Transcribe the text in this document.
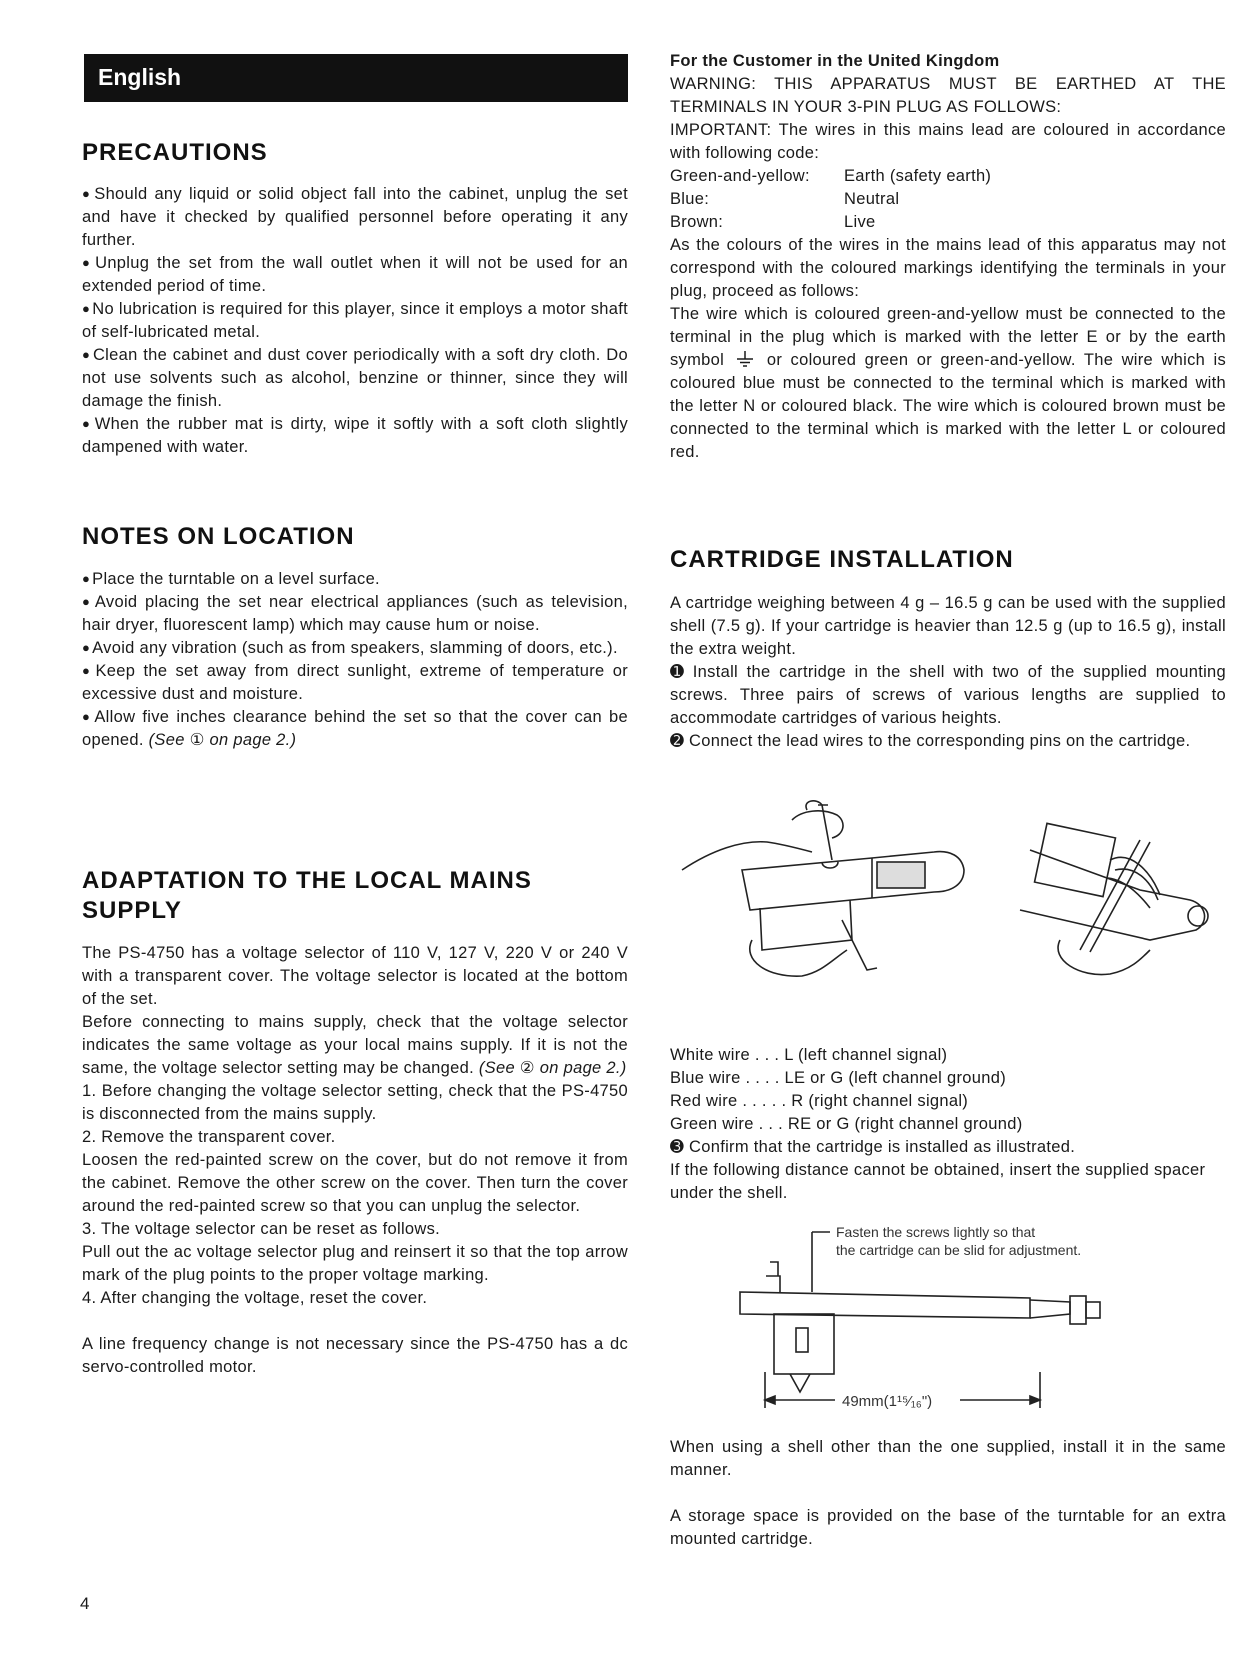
English
PRECAUTIONS

● Should any liquid or solid object fall into the cabinet, unplug the set and have it checked by qualified personnel before operating it any further.

● Unplug the set from the wall outlet when it will not be used for an extended period of time.

● No lubrication is required for this player, since it employs a motor shaft of self-lubricated metal.

● Clean the cabinet and dust cover periodically with a soft dry cloth. Do not use solvents such as alcohol, benzine or thinner, since they will damage the finish.

● When the rubber mat is dirty, wipe it softly with a soft cloth slightly dampened with water.

NOTES ON LOCATION

● Place the turntable on a level surface.

● Avoid placing the set near electrical appliances (such as television, hair dryer, fluorescent lamp) which may cause hum or noise.

● Avoid any vibration (such as from speakers, slamming of doors, etc.).

● Keep the set away from direct sunlight, extreme of temperature or excessive dust and moisture.

● Allow five inches clearance behind the set so that the cover can be opened. (See ① on page 2.)

ADAPTATION TO THE LOCAL MAINS
SUPPLY

The PS-4750 has a voltage selector of 110 V, 127 V, 220 V or 240 V with a transparent cover. The voltage selector is located at the bottom of the set.

Before connecting to mains supply, check that the voltage selector indicates the same voltage as your local mains supply. If it is not the same, the voltage selector setting may be changed. (See ② on page 2.)

1. Before changing the voltage selector setting, check that the PS-4750 is disconnected from the mains supply.

2. Remove the transparent cover.

Loosen the red-painted screw on the cover, but do not remove it from the cabinet. Remove the other screw on the cover. Then turn the cover around the red-painted screw so that you can unplug the selector.

3. The voltage selector can be reset as follows.

Pull out the ac voltage selector plug and reinsert it so that the top arrow mark of the plug points to the proper voltage marking.

4. After changing the voltage, reset the cover.

A line frequency change is not necessary since the PS-4750 has a dc servo-controlled motor.

4

For the Customer in the United Kingdom

WARNING: THIS APPARATUS MUST BE EARTHED AT THE TERMINALS IN YOUR 3-PIN PLUG AS FOLLOWS:

IMPORTANT: The wires in this mains lead are coloured in accordance with following code:

Green-and-yellow:	Earth (safety earth)
Blue:	Neutral
Brown:	Live

As the colours of the wires in the mains lead of this apparatus may not correspond with the coloured markings identifying the terminals in your plug, proceed as follows:

The wire which is coloured green-and-yellow must be connected to the terminal in the plug which is marked with the letter E or by the earth symbol	or coloured green or green-and-yellow. The wire which is coloured blue must be connected to the terminal which is marked with the letter N or coloured black. The wire which is coloured brown must be connected to the terminal which is marked with the letter L or coloured red.

CARTRIDGE INSTALLATION

A cartridge weighing between 4 g – 16.5 g can be used with the supplied shell (7.5 g). If your cartridge is heavier than 12.5 g (up to 16.5 g), install the extra weight.

➊ Install the cartridge in the shell with two of the supplied mounting screws. Three pairs of screws of various lengths are supplied to accommodate cartridges of various heights.

➋ Connect the lead wires to the corresponding pins on the cartridge.

White wire . . . L (left channel signal)

Blue wire . . . . LE or G (left channel ground)

Red wire . . . . . R (right channel signal)

Green wire . . . RE or G (right channel ground)

➌ Confirm that the cartridge is installed as illustrated.

If the following distance cannot be obtained, insert the supplied spacer under the shell.

Fasten the screws lightly so that
the cartridge can be slid for adjustment.
49mm(1¹⁵⁄₁₆")

When using a shell other than the one supplied, install it in the same manner.

A storage space is provided on the base of the turntable for an extra mounted cartridge.
